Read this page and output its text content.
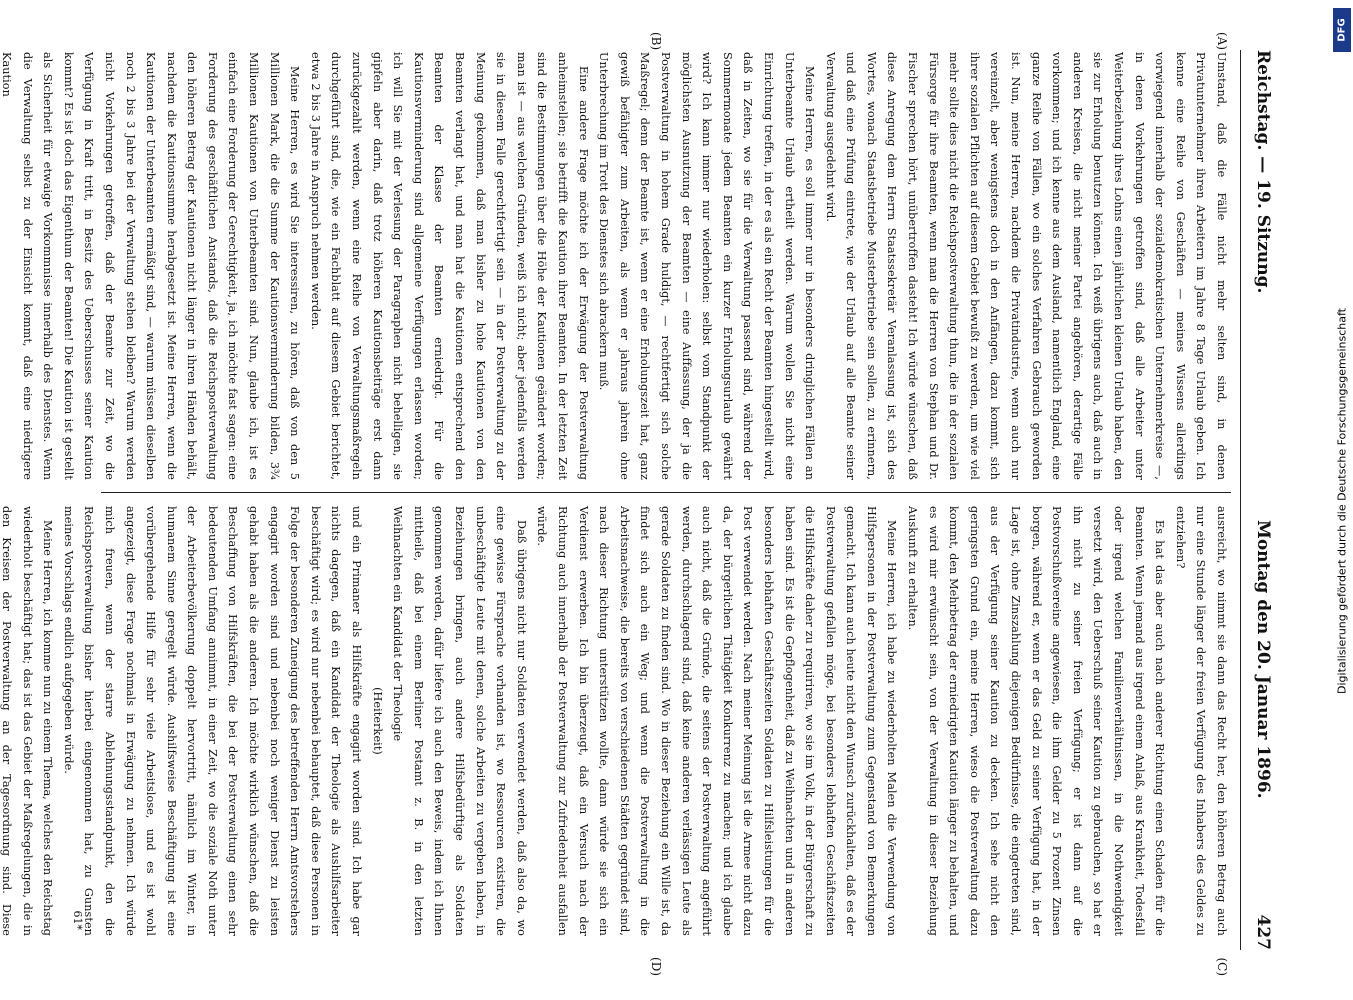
Reichstag. — 19. Sitzung.
Montag den 20. Januar 1896.
427
(A)
(B)
(C)
(D)

Umstand, daß die Fälle nicht mehr selten sind, in denen Privatunternehmer ihren Arbeitern im Jahre 8 Tage Urlaub geben. Ich kenne eine Reihe von Geschäften — meines Wissens allerdings vorwiegend innerhalb der sozialdemokratischen Unternehmerkreise —, in denen Vorkehrungen getroffen sind, daß alle Arbeiter unter Weiterbeziehung ihres Lohns einen jährlichen kleinen Urlaub haben, den sie zur Erholung benutzen können. Ich weiß übrigens auch, daß auch in anderen Kreisen, die nicht meiner Partei angehören, derartige Fälle vorkommen; und ich kenne aus dem Ausland, namentlich England, eine ganze Reihe von Fällen, wo ein solches Verfahren Gebrauch geworden ist. Nun, meine Herren, nachdem die Privatindustrie, wenn auch nur vereinzelt, aber wenigstens doch in den Anfängen, dazu kommt, sich ihrer sozialen Pflichten auf diesem Gebiet bewußt zu werden, um wie viel mehr sollte dies nicht die Reichspostverwaltung thun, die in der sozialen Fürsorge für ihre Beamten, wenn man die Herren von Stephan und Dr. Fischer sprechen hört, unübertroffen dasteht! Ich würde wünschen, daß diese Anregung dem Herrn Staatssekretär Veranlassung ist, sich des Wortes, wonach Staatsbetriebe Musterbetriebe sein sollen, zu erinnern, und daß eine Prüfung eintrete, wie der Urlaub auf alle Beamte seiner Verwaltung ausgedehnt wird.

Meine Herren, es soll immer nur in besonders dringlichen Fällen an Unterbeamte Urlaub ertheilt werden. Warum wollen Sie nicht eine Einrichtung treffen, in der es als ein Recht der Beamten hingestellt wird, daß in Zeiten, wo sie für die Verwaltung passend sind, während der Sommermonate jedem Beamten ein kurzer Erholungsurlaub gewährt wird? Ich kann immer nur wiederholen: selbst vom Standpunkt der möglichsten Ausnutzung der Beamten — eine Auffassung, der ja die Postverwaltung in hohem Grade huldigt, — rechtfertigt sich solche Maßregel; denn der Beamte ist, wenn er eine Erholungszeit hat, ganz gewiß befähigter zum Arbeiten, als wenn er jahraus jahrein ohne Unterbrechung im Trott des Dienstes sich abrackern muß.

Eine andere Frage möchte ich der Erwägung der Postverwaltung anheimstellen; sie betrifft die Kaution ihrer Beamten. In der letzten Zeit sind die Bestimmungen über die Höhe der Kautionen geändert worden; man ist — aus welchen Gründen, weiß ich nicht; aber jedenfalls werden sie in diesem Falle gerechtfertigt sein — in der Postverwaltung zu der Meinung gekommen, daß man bisher zu hohe Kautionen von den Beamten verlangt hat, und man hat die Kautionen entsprechend den Beamten der Klasse der Beamten erniedrigt. Für die Kautionsverminderung sind allgemeine Verfügungen erlassen worden; ich will Sie mit der Verlesung der Paragraphen nicht behelligen, sie gipfeln aber darin, daß trotz höheren Kautionsbeiträge erst dann zurückgezahlt werden, wenn eine Reihe von Verwaltungsmaßregeln durchgeführt sind, die, wie ein Fachblatt auf diesem Gebiet berichtet, etwa 2 bis 3 Jahre in Anspruch nehmen werden.

Meine Herren, es wird Sie interessiren, zu hören, daß von den 5 Millionen Mark, die die Summe der Kautionsverminderung bilden, 3¾ Millionen Kautionen von Unterbeamten sind. Nun, glaube ich, ist es einfach eine Forderung der Gerechtigkeit, ja, ich möchte fast sagen: eine Forderung des geschäftlichen Anstands, daß die Reichspostverwaltung den höheren Betrag der Kautionen nicht länger in ihren Händen behält, nachdem die Kautionssumme herabgesetzt ist. Meine Herren, wenn die Kautionen der Unterbeamten ermäßigt sind, — warum müssen dieselben noch 2 bis 3 Jahre bei der Verwaltung stehen bleiben? Warum werden nicht Vorkehrungen getroffen, daß der Beamte zur Zeit, wo die Verfügung in Kraft tritt, in Besitz des Ueberschusses seiner Kaution kommt? Es ist doch das Eigenthum der Beamten! Die Kaution ist gestellt als Sicherheit für etwaige Vorkommnisse innerhalb des Dienstes. Wenn die Verwaltung selbst zu der Einsicht kommt, daß eine niedrigere Kaution

ausreicht, wo nimmt sie dann das Recht her, den höheren Betrag auch nur eine Stunde länger der freien Verfügung des Inhabers des Geldes zu entziehen?

Es hat das aber auch nach anderer Richtung einen Schaden für die Beamten. Wenn jemand aus irgend einem Anlaß, aus Krankheit, Todesfall oder irgend welchen Familienverhältnissen, in die Nothwendigkeit versetzt wird, den Ueberschuß seiner Kaution zu gebrauchen, so hat er ihn nicht zu seiner freien Verfügung; er ist dann auf die Postvorschußvereine angewiesen, die ihm Gelder zu 5 Prozent Zinsen borgen, während er, wenn er das Geld zu seiner Verfügung hat, in der Lage ist, ohne Zinszahlung diejenigen Bedürfnisse, die eingetreten sind, aus der Verfügung seiner Kaution zu decken. Ich sehe nicht den geringsten Grund ein, meine Herren, wieso die Postverwaltung dazu kommt, den Mehrbetrag der erniedrigten Kaution länger zu behalten, und es wird mir erwünscht sein, von der Verwaltung in dieser Beziehung Auskunft zu erhalten.

Meine Herren, ich habe zu wiederholten Malen die Verwendung von Hilfspersonen in der Postverwaltung zum Gegenstand von Bemerkungen gemacht. Ich kann auch heute nicht den Wunsch zurückhalten, daß es der Postverwaltung gefallen möge, bei besonders lebhaften Geschäftszeiten die Hilfskräfte daher zu requiriren, wo sie im Volk, in der Bürgerschaft zu haben sind. Es ist die Gepflogenheit, daß zu Weihnachten und in anderen besonders lebhaften Geschäftszeiten Soldaten zu Hilfsleistungen für die Post verwendet werden. Nach meiner Meinung ist die Armee nicht dazu da, der bürgerlichen Thätigkeit Konkurrenz zu machen; und ich glaube auch nicht, daß die Gründe, die seitens der Postverwaltung angeführt werden, durchschlagend sind, daß keine anderen verlässigen Leute als gerade Soldaten zu finden sind. Wo in dieser Beziehung ein Wille ist, da findet sich auch ein Weg; und wenn die Postverwaltung in die Arbeitsnachweise, die bereits von verschiedenen Städten gegründet sind, nach dieser Richtung unterstützen wollte, dann würde sie sich ein Verdienst erwerben. Ich bin überzeugt, daß ein Versuch nach der Richtung auch innerhalb der Postverwaltung zur Zufriedenheit ausfallen würde.

Daß übrigens nicht nur Soldaten verwendet werden, daß also da, wo eine gewisse Fürsprache vorhanden ist, wo Ressourcen existiren, die unbeschäftigte Leute mit denen, solche Arbeiten zu vergeben haben, in Beziehungen bringen, auch andere Hilfsbedürftige als Soldaten genommen werden, dafür liefere ich auch den Beweis, indem ich Ihnen mittheile, daß bei einem Berliner Postamt z. B. in den letzten Weihnachten ein Kandidat der Theologie

(Heiterkeit)

und ein Primaner als Hilfskräfte engagirt worden sind. Ich habe gar nichts dagegen, daß ein Kandidat der Theologie als Aushilfsarbeiter beschäftigt wird; es wird nur nebenbei behauptet, daß diese Personen in Folge der besonderen Zuneigung des betreffenden Herrn Amtsvorstehers engagirt worden sind und nebenbei noch weniger Dienst zu leisten gehabt haben als die anderen. Ich möchte wirklich wünschen, daß die Beschaffung von Hilfskräften, die bei der Postverwaltung einen sehr bedeutenden Umfang annimmt, in einer Zeit, wo die soziale Noth unter der Arbeiterbevölkerung doppelt hervortritt, nämlich im Winter, in humanem Sinne geregelt würde. Aushilfsweise Beschäftigung ist eine vorübergehende Hilfe für sehr viele Arbeitslose, und es ist wohl angezeigt, diese Frage nochmals in Erwägung zu nehmen. Ich würde mich freuen, wenn der starre Ablehnungsstandpunkt, den die Reichspostverwaltung bisher hierbei eingenommen hat, zu Gunsten meines Vorschlags endlich aufgegeben würde.

Meine Herren, ich komme nun zu einem Thema, welches den Reichstag wiederholt beschäftigt hat; das ist das Gebiet der Maßregelungen, die in den Kreisen der Postverwaltung an der Tagesordnung sind. Diese	61*
DFG
Digitalisierung gefördert durch die Deutsche Forschungsgemeinschaft
